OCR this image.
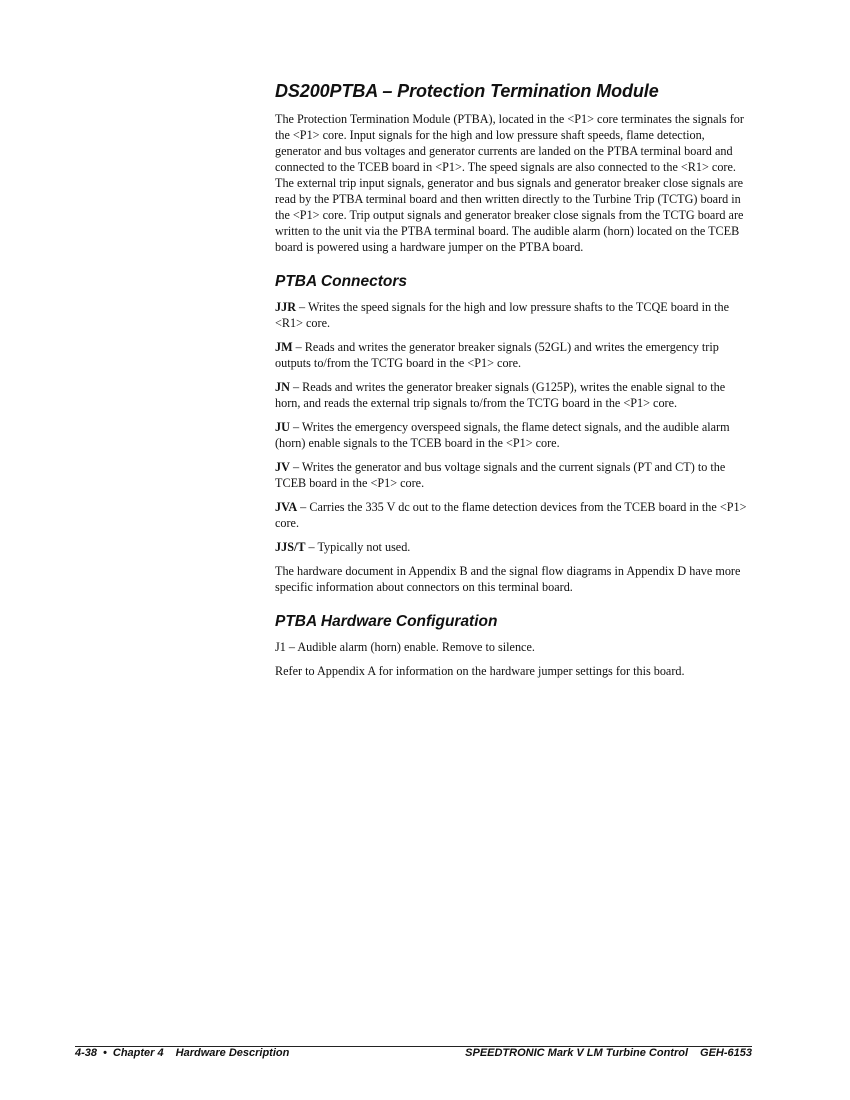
DS200PTBA – Protection Termination Module

The Protection Termination Module (PTBA), located in the <P1> core terminates the signals for the <P1> core. Input signals for the high and low pressure shaft speeds, flame detection, generator and bus voltages and generator currents are landed on the PTBA terminal board and connected to the TCEB board in <P1>. The speed signals are also connected to the <R1> core. The external trip input signals, generator and bus signals and generator breaker close signals are read by the PTBA terminal board and then written directly to the Turbine Trip (TCTG) board in the <P1> core. Trip output signals and generator breaker close signals from the TCTG board are written to the unit via the PTBA terminal board. The audible alarm (horn) located on the TCEB board is powered using a hardware jumper on the PTBA board.

PTBA Connectors

JJR – Writes the speed signals for the high and low pressure shafts to the TCQE board in the <R1> core.

JM – Reads and writes the generator breaker signals (52GL) and writes the emergency trip outputs to/from the TCTG board in the <P1> core.

JN – Reads and writes the generator breaker signals (G125P), writes the enable signal to the horn, and reads the external trip signals to/from the TCTG board in the <P1> core.

JU – Writes the emergency overspeed signals, the flame detect signals, and the audible alarm (horn) enable signals to the TCEB board in the <P1> core.

JV – Writes the generator and bus voltage signals and the current signals (PT and CT) to the TCEB board in the <P1> core.

JVA – Carries the 335 V dc out to the flame detection devices from the TCEB board in the <P1> core.

JJS/T – Typically not used.

The hardware document in Appendix B and the signal flow diagrams in Appendix D have more specific information about connectors on this terminal board.

PTBA Hardware Configuration

J1 – Audible alarm (horn) enable. Remove to silence.

Refer to Appendix A for information on the hardware jumper settings for this board.

4-38 • Chapter 4 Hardware Description	SPEEDTRONIC Mark V LM Turbine Control GEH-6153
